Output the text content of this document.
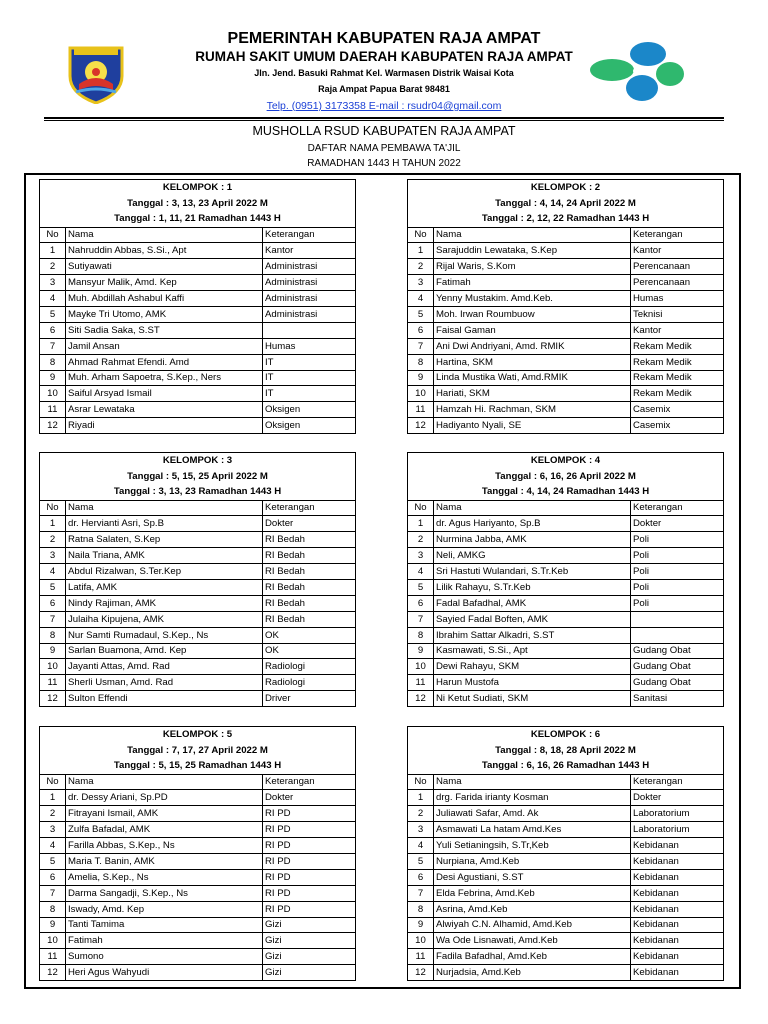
PEMERINTAH KABUPATEN RAJA AMPAT
RUMAH SAKIT UMUM DAERAH KABUPATEN RAJA AMPAT
Jln. Jend. Basuki Rahmat Kel. Warmasen Distrik Waisai Kota
Raja Ampat Papua Barat 98481
Telp. (0951) 3173358 E-mail : rsudr04@gmail.com
MUSHOLLA RSUD KABUPATEN RAJA AMPAT
DAFTAR NAMA PEMBAWA TA'JIL
RAMADHAN 1443 H TAHUN 2022
KELOMPOK : 1		
Tanggal : 3, 13, 23 April 2022 M		
Tanggal : 1, 11, 21 Ramadhan 1443 H		
No	Nama	Keterangan
1	Nahruddin Abbas, S.Si., Apt	Kantor
2	Sutiyawati	Administrasi
3	Mansyur Malik, Amd. Kep	Administrasi
4	Muh. Abdillah Ashabul Kaffi	Administrasi
5	Mayke Tri Utomo, AMK	Administrasi
6	Siti Sadia Saka, S.ST	
7	Jamil Ansan	Humas
8	Ahmad Rahmat Efendi. Amd	IT
9	Muh. Arham Sapoetra, S.Kep., Ners	IT
10	Saiful Arsyad Ismail	IT
11	Asrar Lewataka	Oksigen
12	Riyadi	Oksigen
KELOMPOK : 2		
Tanggal : 4, 14, 24 April 2022 M		
Tanggal : 2, 12, 22 Ramadhan 1443 H		
No	Nama	Keterangan
1	Sarajuddin Lewataka, S.Kep	Kantor
2	Rijal Waris, S.Kom	Perencanaan
3	Fatimah	Perencanaan
4	Yenny Mustakim. Amd.Keb.	Humas
5	Moh. Irwan Roumbuow	Teknisi
6	Faisal Gaman	Kantor
7	Ani Dwi Andriyani, Amd. RMIK	Rekam Medik
8	Hartina, SKM	Rekam Medik
9	Linda Mustika Wati, Amd.RMIK	Rekam Medik
10	Hariati, SKM	Rekam Medik
11	Hamzah Hi. Rachman, SKM	Casemix
12	Hadiyanto Nyali, SE	Casemix
KELOMPOK : 3		
Tanggal : 5, 15, 25 April 2022 M		
Tanggal : 3, 13, 23 Ramadhan 1443 H		
No	Nama	Keterangan
1	dr. Hervianti Asri, Sp.B	Dokter
2	Ratna Salaten, S.Kep	RI Bedah
3	Naila Triana, AMK	RI Bedah
4	Abdul Rizalwan, S.Ter.Kep	RI Bedah
5	Latifa, AMK	RI Bedah
6	Nindy Rajiman, AMK	RI Bedah
7	Julaiha Kipujena, AMK	RI Bedah
8	Nur Samti Rumadaul, S.Kep., Ns	OK
9	Sarlan Buamona, Amd. Kep	OK
10	Jayanti Attas, Amd. Rad	Radiologi
11	Sherli Usman, Amd. Rad	Radiologi
12	Sulton Effendi	Driver
KELOMPOK : 4		
Tanggal : 6, 16, 26 April 2022 M		
Tanggal : 4, 14, 24 Ramadhan 1443 H		
No	Nama	Keterangan
1	dr. Agus Hariyanto, Sp.B	Dokter
2	Nurmina Jabba, AMK	Poli
3	Neli, AMKG	Poli
4	Sri Hastuti Wulandari, S.Tr.Keb	Poli
5	Lilik Rahayu, S.Tr.Keb	Poli
6	Fadal Bafadhal, AMK	Poli
7	Sayied Fadal Boften, AMK	
8	Ibrahim Sattar Alkadri, S.ST	
9	Kasmawati, S.Si., Apt	Gudang Obat
10	Dewi Rahayu, SKM	Gudang Obat
11	Harun Mustofa	Gudang Obat
12	Ni Ketut Sudiati, SKM	Sanitasi
KELOMPOK : 5		
Tanggal : 7, 17, 27 April 2022 M		
Tanggal : 5, 15, 25 Ramadhan 1443 H		
No	Nama	Keterangan
1	dr. Dessy Ariani, Sp.PD	Dokter
2	Fitrayani Ismail, AMK	RI PD
3	Zulfa Bafadal, AMK	RI PD
4	Farilla Abbas, S.Kep., Ns	RI PD
5	Maria T. Banin, AMK	RI PD
6	Amelia, S.Kep., Ns	RI PD
7	Darma Sangadji, S.Kep., Ns	RI PD
8	Iswady, Amd. Kep	RI PD
9	Tanti Tamima	Gizi
10	Fatimah	Gizi
11	Sumono	Gizi
12	Heri Agus Wahyudi	Gizi
KELOMPOK : 6		
Tanggal : 8, 18, 28 April 2022 M		
Tanggal : 6, 16, 26 Ramadhan 1443 H		
No	Nama	Keterangan
1	drg. Farida irianty Kosman	Dokter
2	Juliawati Safar, Amd. Ak	Laboratorium
3	Asmawati La hatam Amd.Kes	Laboratorium
4	Yuli Setianingsih, S.Tr,Keb	Kebidanan
5	Nurpiana, Amd.Keb	Kebidanan
6	Desi Agustiani, S.ST	Kebidanan
7	Elda Febrina, Amd.Keb	Kebidanan
8	Asrina, Amd.Keb	Kebidanan
9	Alwiyah C.N. Alhamid, Amd.Keb	Kebidanan
10	Wa Ode Lisnawati, Amd.Keb	Kebidanan
11	Fadila Bafadhal, Amd.Keb	Kebidanan
12	Nurjadsia, Amd.Keb	Kebidanan
